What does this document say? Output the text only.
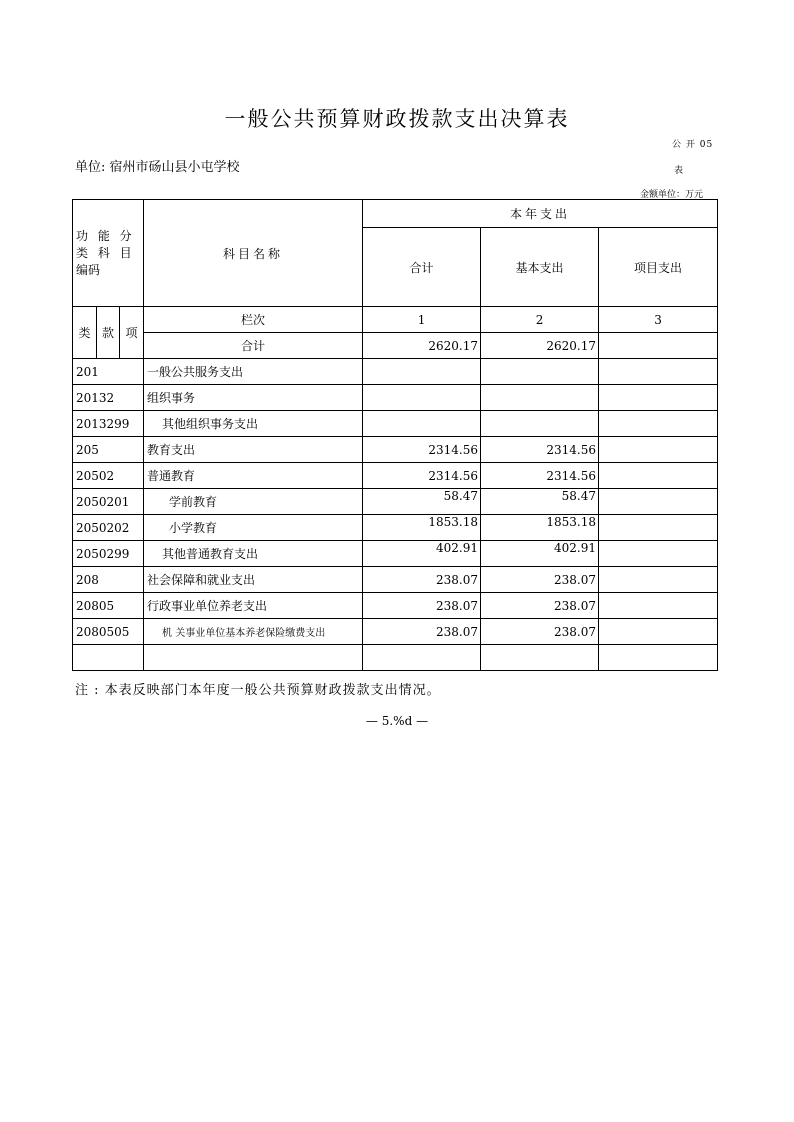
一般公共预算财政拨款支出决算表
公 开 05
表
单位: 宿州市砀山县小屯学校
金额单位：万元
功 能 分
类 科 目
编码			科目名称	本年支出		
				合计	基本支出	项目支出

类	款	项	栏次	1	2	3
			合计	2620.17	2620.17	
201			一般公共服务支出			
20132			组织事务			
2013299			其他组织事务支出			
205			教育支出	2314.56	2314.56	
20502			普通教育	2314.56	2314.56	
2050201			学前教育	58.47	58.47	
2050202			小学教育	1853.18	1853.18	
2050299			其他普通教育支出	402.91	402.91	
208			社会保障和就业支出	238.07	238.07	
20805			行政事业单位养老支出	238.07	238.07	
2080505			机 关事业单位基本养老保险缴费支出	238.07	238.07	

注 : 本表反映部门本年度一般公共预算财政拨款支出情况。
— 5.%d —
